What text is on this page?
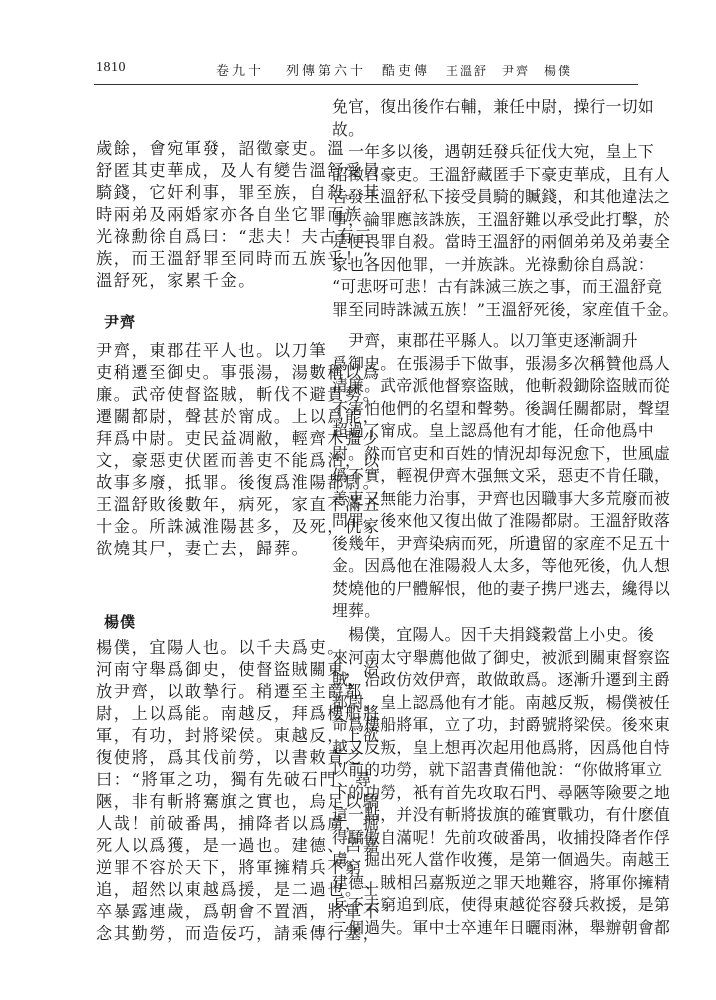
1810	卷九十 列傳第六十　酷吏傳 王溫舒　尹齊　楊僕

歲餘，會宛軍發，詔徵豪吏。溫

舒匿其吏華成，及人有變告溫舒受員

騎錢，它奸利事，罪至族，自殺。其

時兩弟及兩婚家亦各自坐它罪而族。

光祿勳徐自爲曰：“悲夫！夫古有三

族，而王溫舒罪至同時而五族乎！”

溫舒死，家累千金。

尹齊

尹齊，東郡茌平人也。以刀筆

吏稍遷至御史。事張湯，湯數稱以爲

廉。武帝使督盜賊，斬伐不避貴勢。

遷關都尉，聲甚於甯成。上以爲能，

拜爲中尉。吏民益凋敝，輕齊木彊少

文，豪惡吏伏匿而善吏不能爲治，以

故事多廢，抵罪。後復爲淮陽都尉。

王溫舒敗後數年，病死，家直不滿五

十金。所誅滅淮陽甚多，及死，仇家

欲燒其尸，妻亡去，歸葬。

楊僕

楊僕，宜陽人也。以千夫爲吏。

河南守舉爲御史，使督盜賊關東，治

放尹齊，以敢摯行。稍遷至主爵都

尉，上以爲能。南越反，拜爲樓船將

軍，有功，封將梁侯。東越反，上欲

復使將，爲其伐前勞，以書敕責之

曰：“將軍之功，獨有先破石門、尋

陿，非有斬將騫旗之實也，烏足以驕

人哉！前破番禺，捕降者以爲虜，掘

死人以爲獲，是一過也。建德、呂嘉

逆罪不容於天下，將軍擁精兵不窮

追，超然以東越爲援，是二過也。士

卒暴露連歲，爲朝會不置酒，將軍不

念其勤勞，而造佞巧，請乘傳行塞，

免官，復出後作右輔，兼任中尉，操行一切如

故。

　一年多以後，遇朝廷發兵征伐大宛，皇上下

詔徵召豪吏。王溫舒藏匿手下豪吏華成，且有人

告發王溫舒私下接受員騎的贓錢，和其他違法之

事，論罪應該誅族，王溫舒難以承受此打擊，於

是便畏罪自殺。當時王溫舒的兩個弟弟及弟妻全

家也各因他罪，一并族誅。光祿勳徐自爲說：

“可悲呀可悲！古有誅滅三族之事，而王溫舒竟

罪至同時誅滅五族！”王溫舒死後，家産值千金。

　尹齊，東郡茌平縣人。以刀筆吏逐漸調升

爲御史。在張湯手下做事，張湯多次稱贊他爲人

清廉。武帝派他督察盜賊，他斬殺鋤除盜賊而從

不害怕他們的名望和聲勢。後調任關都尉，聲望

超過了甯成。皇上認爲他有才能，任命他爲中

尉。然而官吏和百姓的情況却每況愈下，世風虛

僞不實，輕視伊齊木强無文采，惡吏不肯任職，

善吏又無能力治事，尹齊也因職事大多荒廢而被

問罪。後來他又復出做了淮陽都尉。王溫舒敗落

後幾年，尹齊染病而死，所遺留的家産不足五十

金。因爲他在淮陽殺人太多，等他死後，仇人想

焚燒他的尸體解恨，他的妻子携尸逃去，纔得以

埋葬。

　楊僕，宜陽人。因千夫捐錢穀當上小史。後

來河南太守舉薦他做了御史，被派到關東督察盜

賊，治政仿效伊齊，敢做敢爲。逐漸升遷到主爵

都尉，皇上認爲他有才能。南越反叛，楊僕被任

命爲樓船將軍，立了功，封爵號將梁侯。後來東

越又反叛，皇上想再次起用他爲將，因爲他自恃

以前的功勞，就下詔書責備他說：“你做將軍立

下的功勞，衹有首先攻取石門、尋陿等險要之地

這一點，并没有斬將拔旗的確實戰功，有什麽值

得驕傲自滿呢！先前攻破番禺，收捕投降者作俘

虜，掘出死人當作收獲，是第一個過失。南越王

建德、賊相呂嘉叛逆之罪天地難容，將軍你擁精

兵不去窮追到底，使得東越從容發兵救援，是第

二個過失。軍中士卒連年日曬雨淋，舉辦朝會都
